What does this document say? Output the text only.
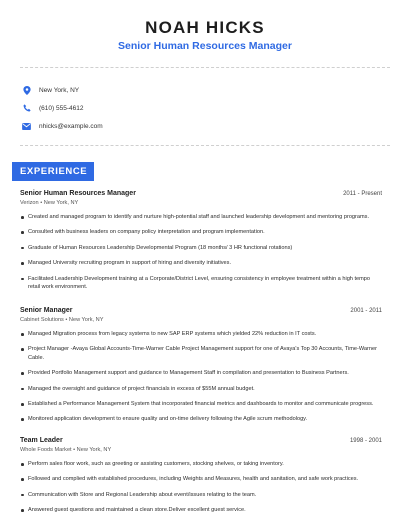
NOAH HICKS
Senior Human Resources Manager
New York, NY
(610) 555-4612
nhicks@example.com
EXPERIENCE
Senior Human Resources Manager	2011 - Present
Verizon • New York, NY
Created and managed program to identify and nurture high-potential staff and launched leadership development and mentoring programs.
Consulted with business leaders on company policy interpretation and program implementation.
Graduate of Human Resources Leadership Developmental Program (18 months/ 3 HR functional rotations)
Managed University recruiting program in support of hiring and diversity initiatives.
Facilitated Leadership Development training at a Corporate/District Level, ensuring consistency in employee treatment within a high tempo retail work environment.
Senior Manager	2001 - 2011
Cabinet Solutions • New York, NY
Managed Migration process from legacy systems to new SAP ERP systems which yielded 22% reduction in IT costs.
Project Manager -Avaya Global Accounts-Time-Warner Cable Project Management support for one of Avaya's Top 30 Accounts, Time-Warner Cable.
Provided Portfolio Management support and guidance to Management Staff in compilation and presentation to Business Partners.
Managed the oversight and guidance of project financials in excess of $55M annual budget.
Established a Performance Management System that incorporated financial metrics and dashboards to monitor and communicate progress.
Monitored application development to ensure quality and on-time delivery following the Agile scrum methodology.
Team Leader	1998 - 2001
Whole Foods Market • New York, NY
Perform sales floor work, such as greeting or assisting customers, stocking shelves, or taking inventory.
Followed and complied with established procedures, including Weights and Measures, health and sanitation, and safe work practices.
Communication with Store and Regional Leadership about event/issues relating to the team.
Answered guest questions and maintained a clean store.Deliver excellent guest service.
